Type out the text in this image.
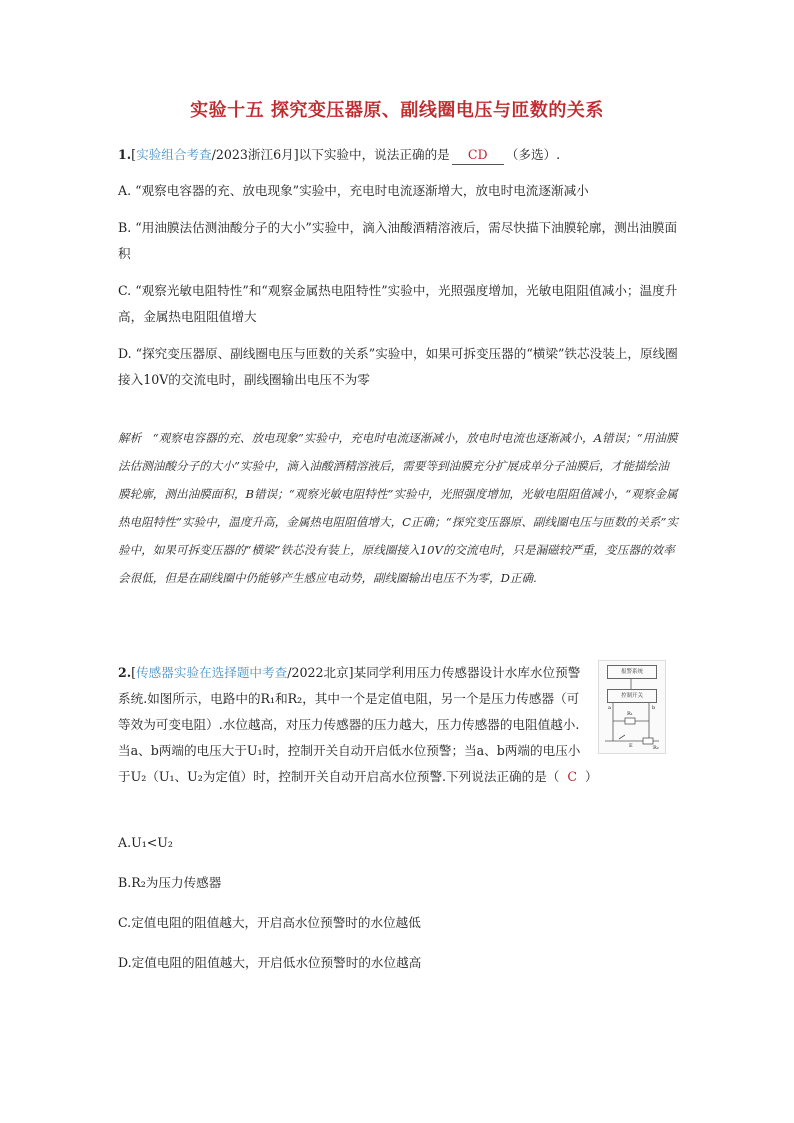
实验十五 探究变压器原、副线圈电压与匝数的关系
1.[实验组合考查/2023浙江6月]以下实验中，说法正确的是 CD （多选）.
A. “观察电容器的充、放电现象”实验中，充电时电流逐渐增大，放电时电流逐渐减小
B. “用油膜法估测油酸分子的大小”实验中，滴入油酸酒精溶液后，需尽快描下油膜轮廓，测出油膜面积
C. “观察光敏电阻特性”和“观察金属热电阻特性”实验中，光照强度增加，光敏电阻阻值减小；温度升高，金属热电阻阻值增大
D. “探究变压器原、副线圈电压与匝数的关系”实验中，如果可拆变压器的“横梁”铁芯没装上，原线圈接入10V的交流电时，副线圈输出电压不为零
解析　“观察电容器的充、放电现象”实验中，充电时电流逐渐减小，放电时电流也逐渐减小，A错误；“用油膜法估测油酸分子的大小”实验中，滴入油酸酒精溶液后，需要等到油膜充分扩展成单分子油膜后，才能描绘油膜轮廓，测出油膜面积，B错误；“观察光敏电阻特性”实验中，光照强度增加，光敏电阻阻值减小，“观察金属热电阻特性”实验中，温度升高，金属热电阻阻值增大，C正确；“探究变压器原、副线圈电压与匝数的关系”实验中，如果可拆变压器的“横梁”铁芯没有装上，原线圈接入10V的交流电时，只是漏磁较严重，变压器的效率会很低，但是在副线圈中仍能够产生感应电动势，副线圈输出电压不为零，D正确.
报警系统
控制开关
a	b
R₁
R₂
E
2.[传感器实验在选择题中考查/2022北京]某同学利用压力传感器设计水库水位预警系统.如图所示，电路中的R₁和R₂，其中一个是定值电阻，另一个是压力传感器（可等效为可变电阻）.水位越高，对压力传感器的压力越大，压力传感器的电阻值越小.当a、b两端的电压大于U₁时，控制开关自动开启低水位预警；当a、b两端的电压小于U₂（U₁、U₂为定值）时，控制开关自动开启高水位预警.下列说法正确的是（ C ）
A.U₁<U₂
B.R₂为压力传感器
C.定值电阻的阻值越大，开启高水位预警时的水位越低
D.定值电阻的阻值越大，开启低水位预警时的水位越高
